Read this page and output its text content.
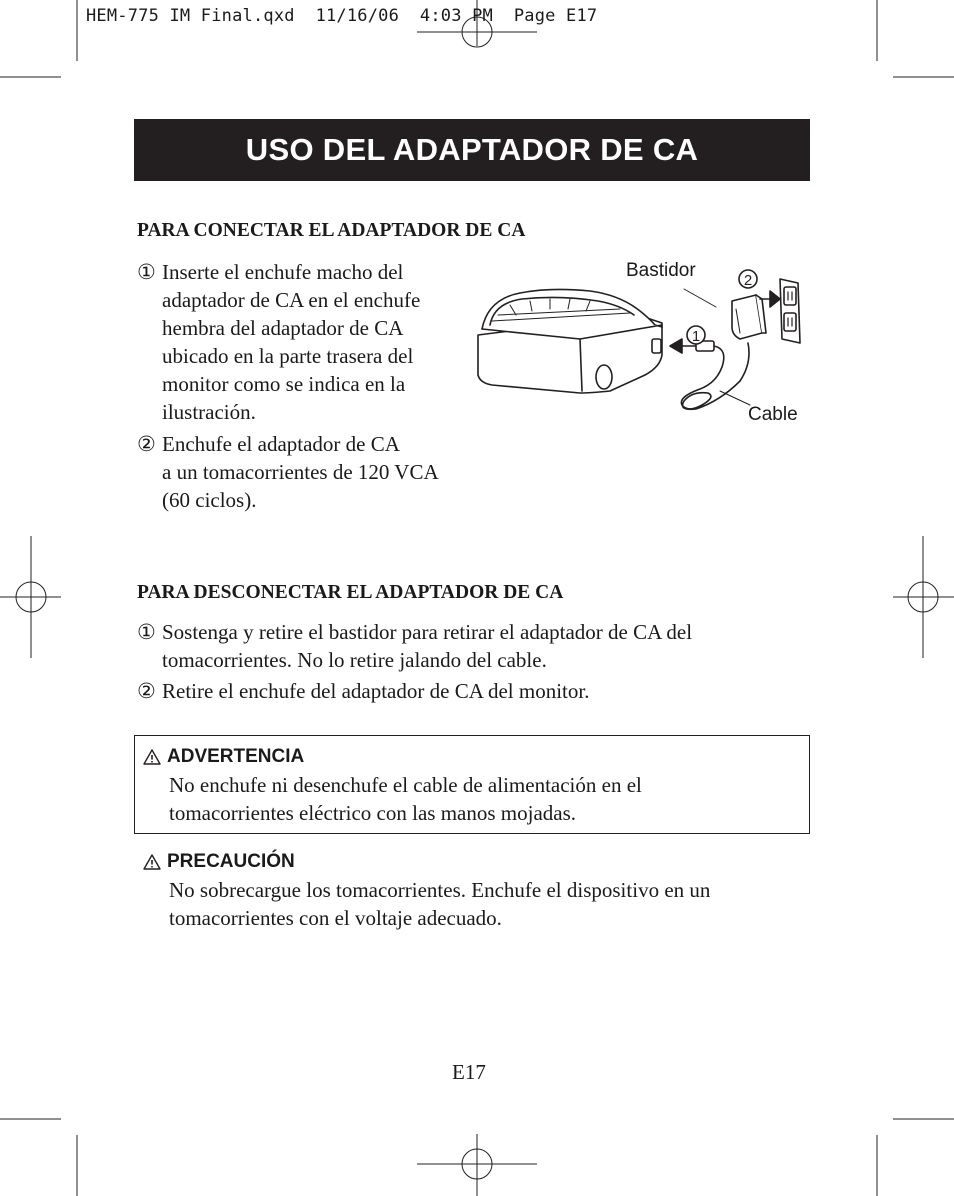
HEM-775 IM Final.qxd  11/16/06  4:03 PM  Page E17
USO DEL ADAPTADOR DE CA
PARA CONECTAR EL ADAPTADOR DE CA
① Inserte el enchufe macho del
adaptador de CA en el enchufe
hembra del adaptador de CA
ubicado en la parte trasera del
monitor como se indica en la
ilustración.
② Enchufe el adaptador de CA
a un tomacorrientes de 120 VCA
(60 ciclos).
1
2
Bastidor
Cable
PARA DESCONECTAR EL ADAPTADOR DE CA
① Sostenga y retire el bastidor para retirar el adaptador de CA del
tomacorrientes. No lo retire jalando del cable.
② Retire el enchufe del adaptador de CA del monitor.
ADVERTENCIA
No enchufe ni desenchufe el cable de alimentación en el
tomacorrientes eléctrico con las manos mojadas.
PRECAUCIÓN
No sobrecargue los tomacorrientes. Enchufe el dispositivo en un
tomacorrientes con el voltaje adecuado.
E17
